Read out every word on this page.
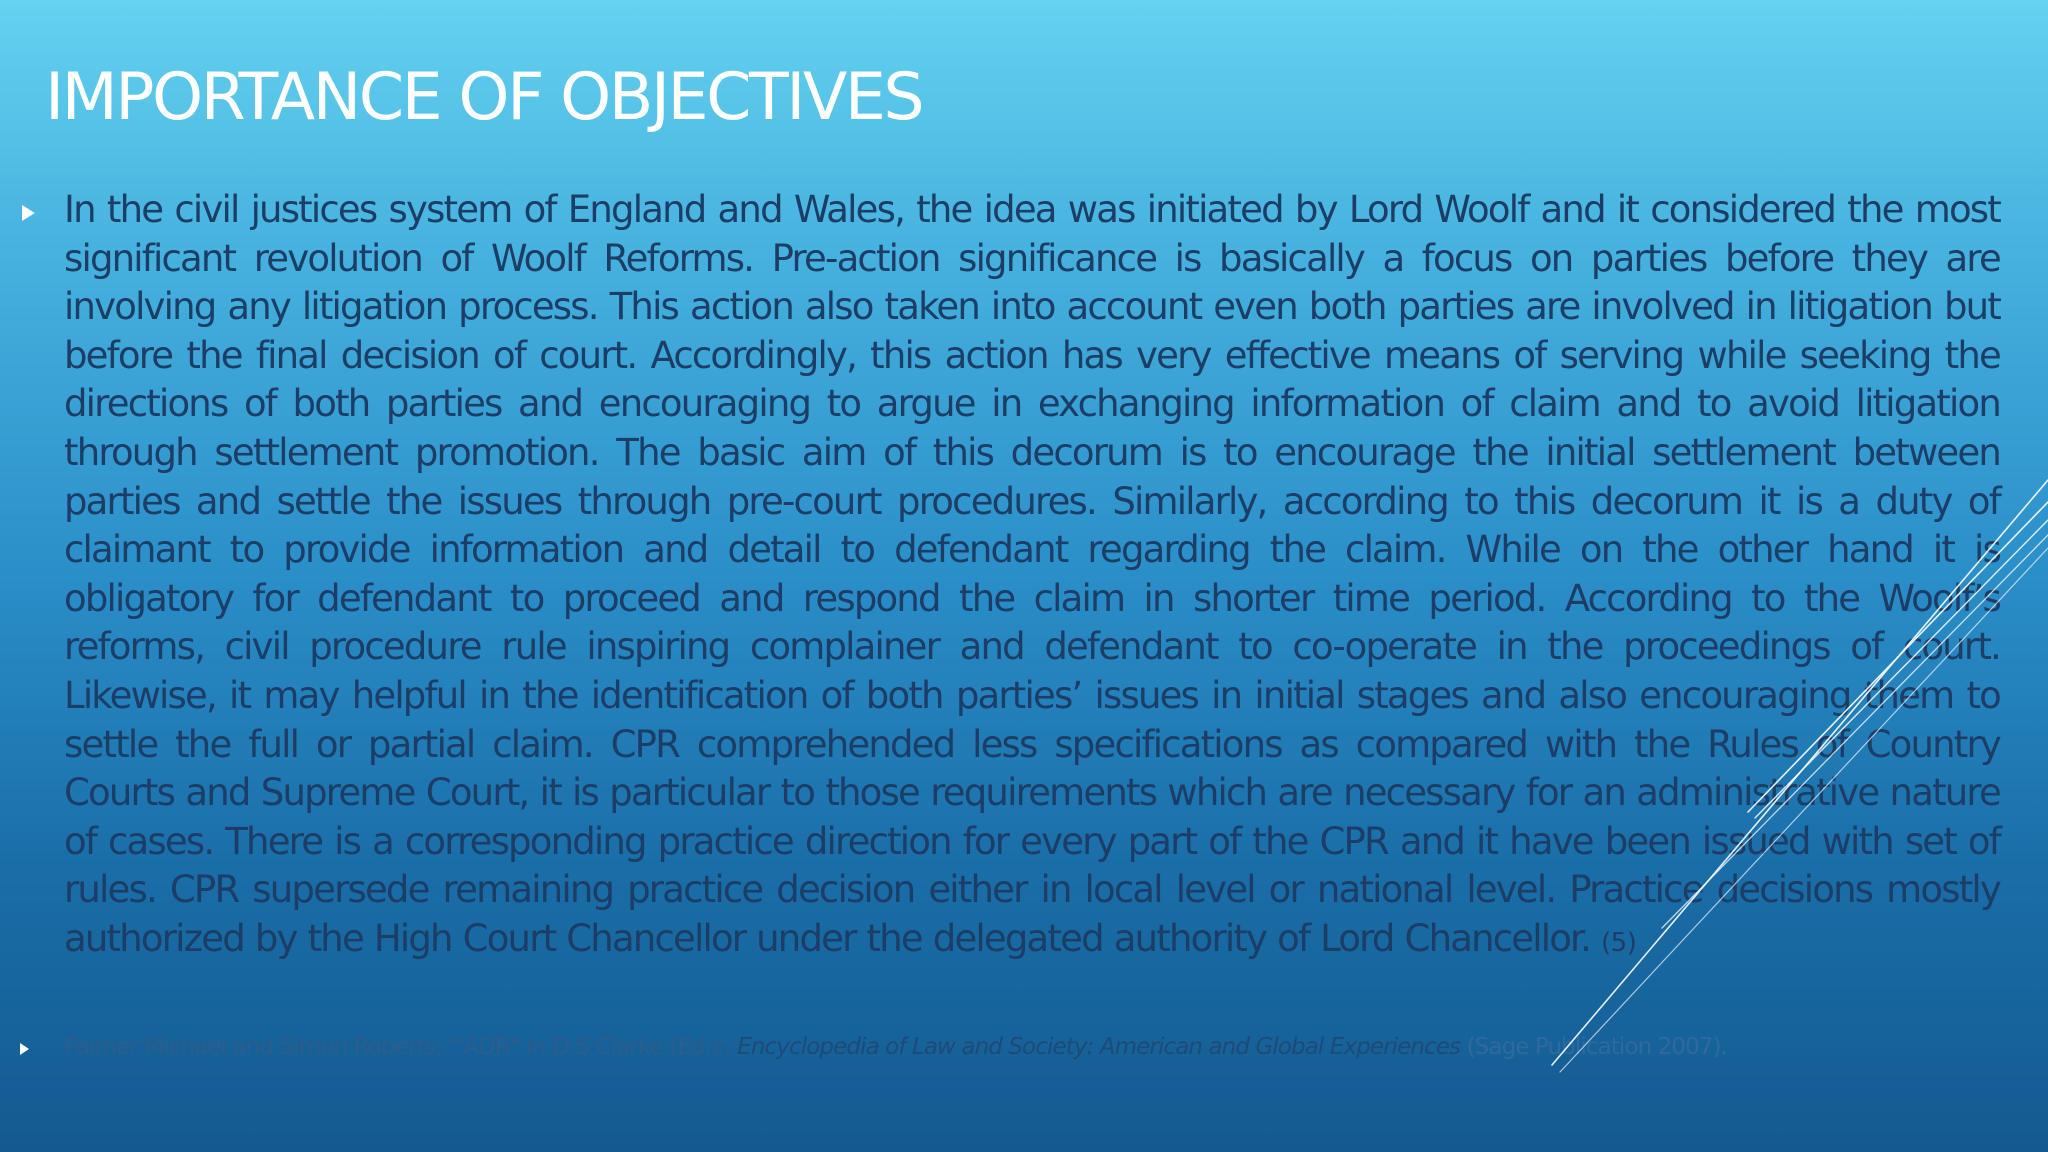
IMPORTANCE OF OBJECTIVES

In the civil justices system of England and Wales, the idea was initiated by Lord Woolf and it considered the most significant revolution of Woolf Reforms. Pre-action significance is basically a focus on parties before they are involving any litigation process. This action also taken into account even both parties are involved in litigation but before the final decision of court. Accordingly, this action has very effective means of serving while seeking the directions of both parties and encouraging to argue in exchanging information of claim and to avoid litigation through settlement promotion. The basic aim of this decorum is to encourage the initial settlement between parties and settle the issues through pre-court procedures. Similarly, according to this decorum it is a duty of claimant to provide information and detail to defendant regarding the claim. While on the other hand it is obligatory for defendant to proceed and respond the claim in shorter time period. According to the Woolf’s reforms, civil procedure rule inspiring complainer and defendant to co-operate in the proceedings of court. Likewise, it may helpful in the identification of both parties’ issues in initial stages and also encouraging them to settle the full or partial claim. CPR comprehended less specifications as compared with the Rules of Country Courts and Supreme Court, it is particular to those requirements which are necessary for an administrative nature of cases. There is a corresponding practice direction for every part of the CPR and it have been issued with set of rules. CPR supersede remaining practice decision either in local level or national level. Practice decisions mostly authorized by the High Court Chancellor under the delegated authority of Lord Chancellor. (5)

Palmer Michael and Simon Roberts, '"ADR" In D S Clarke (Ed.)', Encyclopedia of Law and Society: American and Global Experiences (Sage Publication 2007).
